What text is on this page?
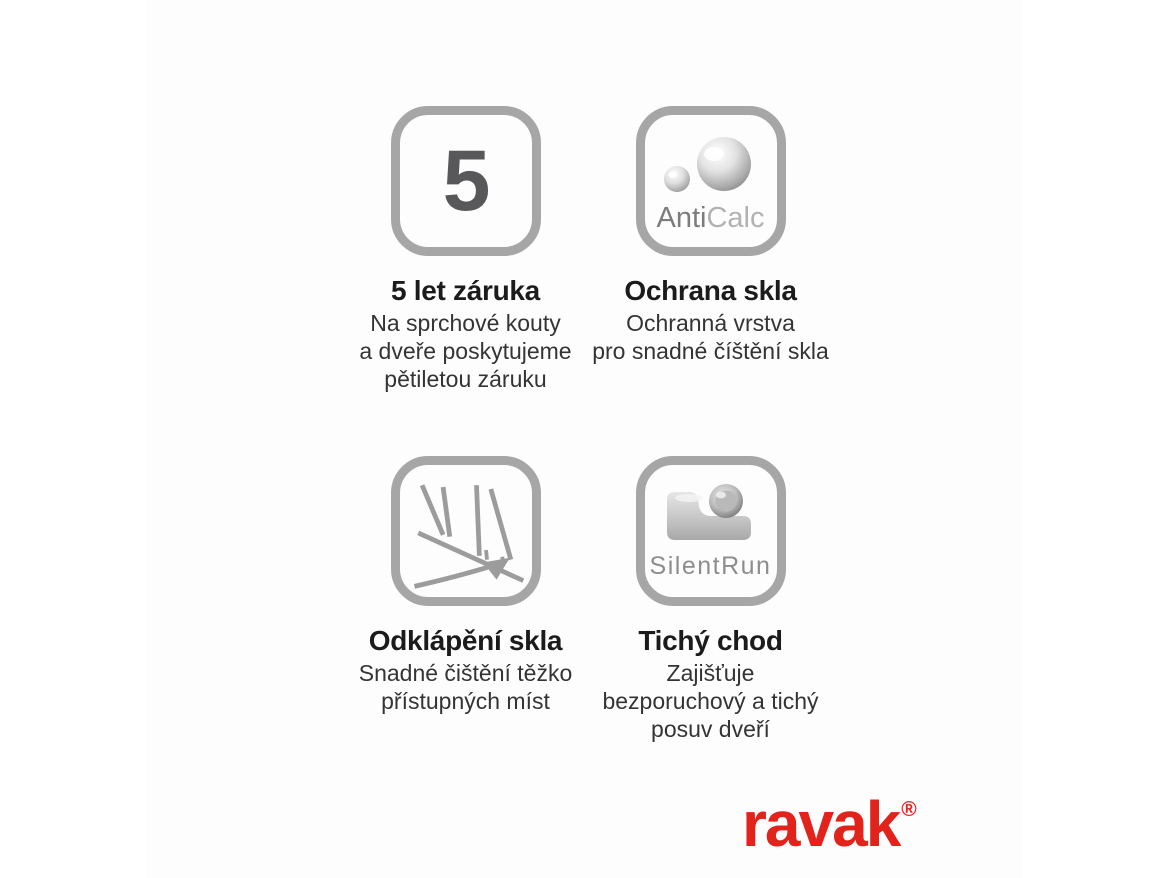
5
5 let záruka
Na sprchové kouty
a dveře poskytujeme
pětiletou záruku
AntiCalc
Ochrana skla
Ochranná vrstva
pro snadné číštění skla
Odklápění skla
Snadné čištění těžko
přístupných míst
SilentRun
Tichý chod
Zajišťuje
bezporuchový a tichý
posuv dveří
ravak®
